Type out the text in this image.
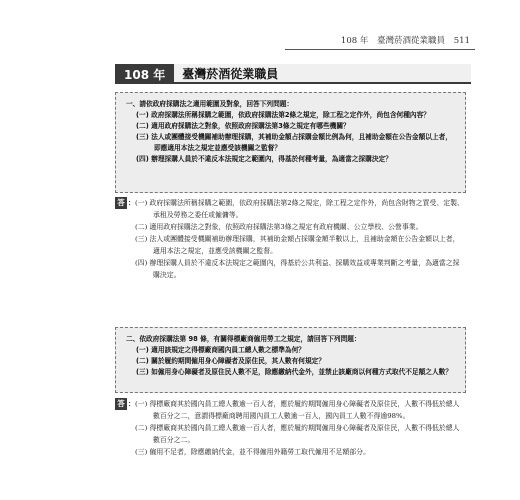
108 年 臺灣菸酒從業職員 511
108 年	臺灣菸酒從業職員
一、請依政府採購法之適用範圍及對象，回答下列問題：
(一) 政府採購法所稱採購之範圍，依政府採購法第2條之規定，除工程之定作外，尚包含何種內容？
(二) 適用政府採購法之對象，依照政府採購法第3條之規定有哪些機關？
(三) 法人或團體接受機關補助辦理採購，其補助金額占採購金額比例為何，且補助金額在公告金額以上者，即應適用本法之規定並應受該機關之監督？
(四) 辦理採購人員於不違反本法規定之範圍內，得基於何種考量，為適當之採購決定？
答 ： (一) 政府採購法所稱採購之範圍，依政府採購法第2條之規定，除工程之定作外，尚包含財物之買受、定製、承租及勞務之委任或僱傭等。
(二) 適用政府採購法之對象，依照政府採購法第3條之規定有政府機關、公立學校、公營事業。
(三) 法人或團體接受機關補助辦理採購，其補助金額占採購金額半數以上，且補助金額在公告金額以上者，適用本法之規定，並應受該機關之監督。
(四) 辦理採購人員於不違反本法規定之範圍內，得基於公共利益、採購效益或專業判斷之考量，為適當之採購決定。
二、依政府採購法第 98 條，有關得標廠商僱用勞工之規定，請回答下列問題：
(一) 適用該規定之得標廠商國內員工總人數之標準為何？
(二) 關於履約期間僱用身心障礙者及原住民，其人數有何規定？
(三) 如僱用身心障礙者及原住民人數不足，除應繳納代金外，並禁止該廠商以何種方式取代不足額之人數？
答 ： (一) 得標廠商其於國內員工總人數逾一百人者，應於履約期間僱用身心障礙者及原住民，人數不得低於總人數百分之二，意謂得標廠商聘用國內員工人數逾一百人，國內員工人數不得逾98%。
(二) 得標廠商其於國內員工總人數逾一百人者，應於履約期間僱用身心障礙者及原住民，人數不得低於總人數百分之二。
(三) 僱用不足者，除應繳納代金，並不得僱用外籍勞工取代僱用不足額部分。
